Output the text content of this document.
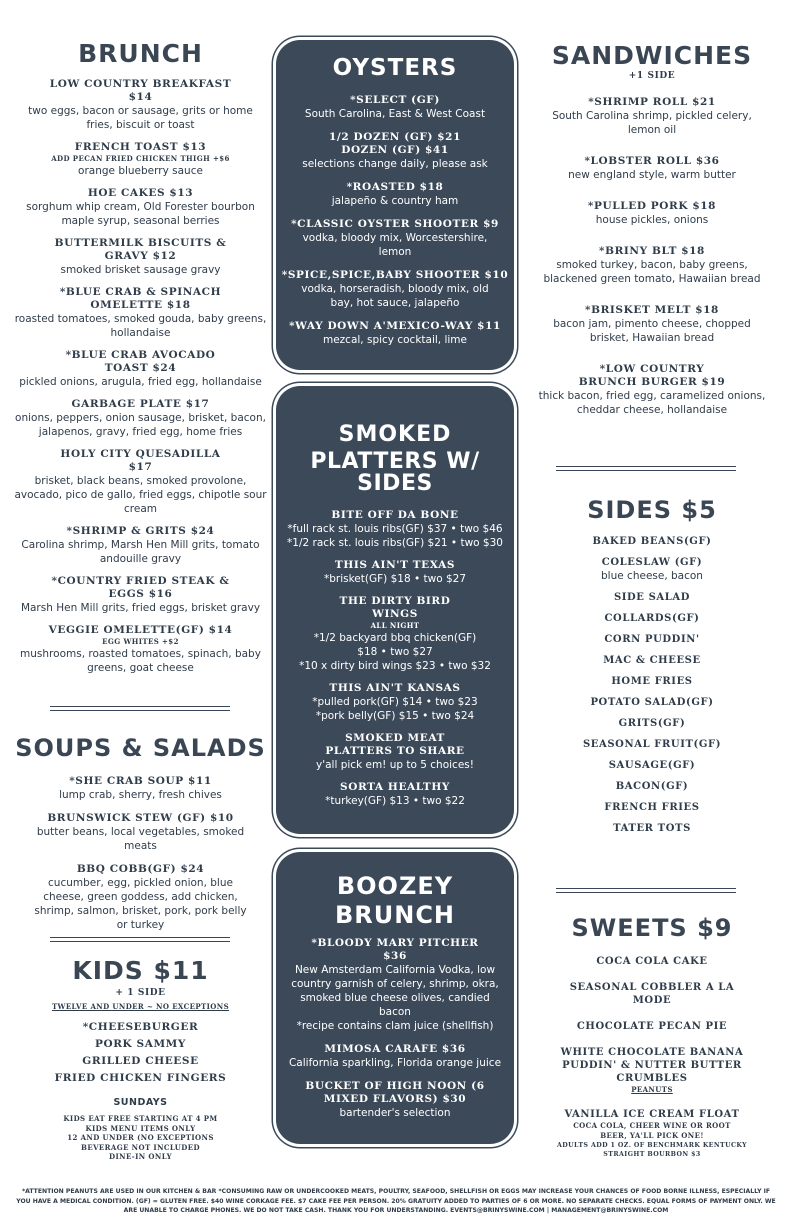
BRUNCH
LOW COUNTRY BREAKFAST $14
two eggs, bacon or sausage, grits or home fries, biscuit or toast
FRENCH TOAST $13
ADD PECAN FRIED CHICKEN THIGH +$6
orange blueberry sauce
HOE CAKES $13
sorghum whip cream, Old Forester bourbon maple syrup, seasonal berries
BUTTERMILK BISCUITS & GRAVY $12
smoked brisket sausage gravy
*BLUE CRAB & SPINACH OMELETTE $18
roasted tomatoes, smoked gouda, baby greens, hollandaise
*BLUE CRAB AVOCADO TOAST $24
pickled onions, arugula, fried egg, hollandaise
GARBAGE PLATE $17
onions, peppers, onion sausage, brisket, bacon, jalapenos, gravy, fried egg, home fries
HOLY CITY QUESADILLA $17
brisket, black beans, smoked provolone, avocado, pico de gallo, fried eggs, chipotle sour cream
*SHRIMP & GRITS $24
Carolina shrimp, Marsh Hen Mill grits, tomato andouille gravy
*COUNTRY FRIED STEAK & EGGS $16
Marsh Hen Mill grits, fried eggs, brisket gravy
VEGGIE OMELETTE(GF) $14
EGG WHITES +$2
mushrooms, roasted tomatoes, spinach, baby greens, goat cheese
SOUPS & SALADS
*SHE CRAB SOUP $11
lump crab, sherry, fresh chives
BRUNSWICK STEW (GF) $10
butter beans, local vegetables, smoked meats
BBQ COBB(GF) $24
cucumber, egg, pickled onion, blue cheese, green goddess, add chicken, shrimp, salmon, brisket, pork, pork belly or turkey
KIDS $11
+ 1 SIDE
TWELVE AND UNDER ~ NO EXCEPTIONS
*CHEESEBURGER
PORK SAMMY
GRILLED CHEESE
FRIED CHICKEN FINGERS
SUNDAYS
KIDS EAT FREE STARTING AT 4 PM
KIDS MENU ITEMS ONLY
12 AND UNDER (NO EXCEPTIONS
BEVERAGE NOT INCLUDED
DINE-IN ONLY
OYSTERS
*SELECT (GF)
South Carolina, East & West Coast
1/2 DOZEN (GF) $21
DOZEN (GF) $41
selections change daily, please ask
*ROASTED $18
jalapeño & country ham
*CLASSIC OYSTER SHOOTER $9
vodka, bloody mix, Worcestershire, lemon
*SPICE,SPICE,BABY SHOOTER $10
vodka, horseradish, bloody mix, old bay, hot sauce, jalapeño
*WAY DOWN A'MEXICO-WAY $11
mezcal, spicy cocktail, lime
SMOKED
PLATTERS W/ SIDES
BITE OFF DA BONE
*full rack st. louis ribs(GF) $37 • two $46
*1/2 rack st. louis ribs(GF) $21 • two $30
THIS AIN'T TEXAS
*brisket(GF) $18 • two $27
THE DIRTY BIRD WINGS
ALL NIGHT
*1/2 backyard bbq chicken(GF)
$18 • two $27
*10 x dirty bird wings $23 • two $32
THIS AIN'T KANSAS
*pulled pork(GF) $14 • two $23
*pork belly(GF) $15 • two $24
SMOKED MEAT PLATTERS TO SHARE
y'all pick em! up to 5 choices!
SORTA HEALTHY
*turkey(GF) $13 • two $22
BOOZEY
BRUNCH
*BLOODY MARY PITCHER $36
New Amsterdam California Vodka, low country garnish of celery, shrimp, okra, smoked blue cheese olives, candied bacon
*recipe contains clam juice (shellfish)
MIMOSA CARAFE $36
California sparkling, Florida orange juice
BUCKET OF HIGH NOON (6 MIXED FLAVORS) $30
bartender's selection
SANDWICHES
+1 SIDE
*SHRIMP ROLL $21
South Carolina shrimp, pickled celery, lemon oil
*LOBSTER ROLL $36
new england style, warm butter
*PULLED PORK $18
house pickles, onions
*BRINY BLT $18
smoked turkey, bacon, baby greens, blackened green tomato, Hawaiian bread
*BRISKET MELT $18
bacon jam, pimento cheese, chopped brisket, Hawaiian bread
*LOW COUNTRY BRUNCH BURGER $19
thick bacon, fried egg, caramelized onions, cheddar cheese, hollandaise
SIDES $5
BAKED BEANS(GF)
COLESLAW (GF)
blue cheese, bacon
SIDE SALAD
COLLARDS(GF)
CORN PUDDIN'
MAC & CHEESE
HOME FRIES
POTATO SALAD(GF)
GRITS(GF)
SEASONAL FRUIT(GF)
SAUSAGE(GF)
BACON(GF)
FRENCH FRIES
TATER TOTS
SWEETS $9
COCA COLA CAKE
SEASONAL COBBLER A LA MODE
CHOCOLATE PECAN PIE
WHITE CHOCOLATE BANANA PUDDIN' & NUTTER BUTTER CRUMBLES
PEANUTS
VANILLA ICE CREAM FLOAT
COCA COLA, CHEER WINE OR ROOT BEER, YA'LL PICK ONE!
ADULTS ADD 1 OZ. OF BENCHMARK KENTUCKY STRAIGHT BOURBON $3
*ATTENTION PEANUTS ARE USED IN OUR KITCHEN & BAR *CONSUMING RAW OR UNDERCOOKED MEATS, POULTRY, SEAFOOD, SHELLFISH OR EGGS MAY INCREASE YOUR CHANCES OF FOOD BORNE ILLNESS, ESPECIALLY IF YOU HAVE A MEDICAL CONDITION. (GF) = GLUTEN FREE. $40 WINE CORKAGE FEE. $7 CAKE FEE PER PERSON. 20% GRATUITY ADDED TO PARTIES OF 6 OR MORE. NO SEPARATE CHECKS. EQUAL FORMS OF PAYMENT ONLY. WE ARE UNABLE TO CHARGE PHONES. WE DO NOT TAKE CASH. THANK YOU FOR UNDERSTANDING. EVENTS@BRINYSWINE.COM | MANAGEMENT@BRINYSWINE.COM
